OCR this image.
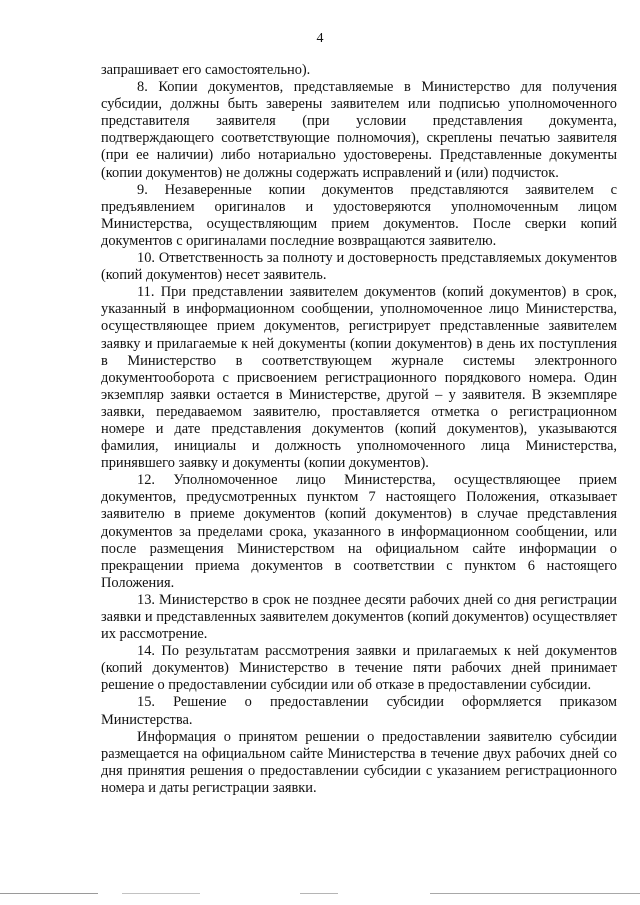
4

запрашивает его самостоятельно).

8. Копии документов, представляемые в Министерство для получения субсидии, должны быть заверены заявителем или подписью уполномоченного представителя заявителя (при условии представления документа, подтверждающего соответствующие полномочия), скреплены печатью заявителя (при ее наличии) либо нотариально удостоверены. Представленные документы (копии документов) не должны содержать исправлений и (или) подчисток.

9. Незаверенные копии документов представляются заявителем с предъявлением оригиналов и удостоверяются уполномоченным лицом Министерства, осуществляющим прием документов. После сверки копий документов с оригиналами последние возвращаются заявителю.

10. Ответственность за полноту и достоверность представляемых документов (копий документов) несет заявитель.

11. При представлении заявителем документов (копий документов) в срок, указанный в информационном сообщении, уполномоченное лицо Министерства, осуществляющее прием документов, регистрирует представленные заявителем заявку и прилагаемые к ней документы (копии документов) в день их поступления в Министерство в соответствующем журнале системы электронного документооборота с присвоением регистрационного порядкового номера. Один экземпляр заявки остается в Министерстве, другой – у заявителя. В экземпляре заявки, передаваемом заявителю, проставляется отметка о регистрационном номере и дате представления документов (копий документов), указываются фамилия, инициалы и должность уполномоченного лица Министерства, принявшего заявку и документы (копии документов).

12. Уполномоченное лицо Министерства, осуществляющее прием документов, предусмотренных пунктом 7 настоящего Положения, отказывает заявителю в приеме документов (копий документов) в случае представления документов за пределами срока, указанного в информационном сообщении, или после размещения Министерством на официальном сайте информации о прекращении приема документов в соответствии с пунктом 6 настоящего Положения.

13. Министерство в срок не позднее десяти рабочих дней со дня регистрации заявки и представленных заявителем документов (копий документов) осуществляет их рассмотрение.

14. По результатам рассмотрения заявки и прилагаемых к ней документов (копий документов) Министерство в течение пяти рабочих дней принимает решение о предоставлении субсидии или об отказе в предоставлении субсидии.

15. Решение о предоставлении субсидии оформляется приказом Министерства.

Информация о принятом решении о предоставлении заявителю субсидии размещается на официальном сайте Министерства в течение двух рабочих дней со дня принятия решения о предоставлении субсидии с указанием регистрационного номера и даты регистрации заявки.
